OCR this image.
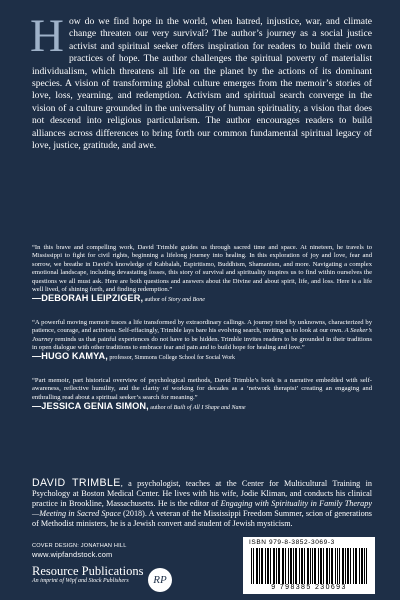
How do we find hope in the world, when hatred, injustice, war, and climate change threaten our very survival? The author’s journey as a social justice activist and spiritual seeker offers inspiration for readers to build their own practices of hope. The author challenges the spiritual poverty of materialist individualism, which threatens all life on the planet by the actions of its dominant species. A vision of transforming global culture emerges from the memoir’s stories of love, loss, yearning, and redemption. Activism and spiritual search converge in the vision of a culture grounded in the universality of human spirituality, a vision that does not descend into religious particularism. The author encourages readers to build alliances across differences to bring forth our common fundamental spiritual legacy of love, justice, gratitude, and awe.

“In this brave and compelling work, David Trimble guides us through sacred time and space. At nineteen, he travels to Mississippi to fight for civil rights, beginning a lifelong journey into healing. In this exploration of joy and love, fear and sorrow, we breathe in David’s knowledge of Kabbalah, Espiritismo, Buddhism, Shamanism, and more. Navigating a complex emotional landscape, including devastating losses, this story of survival and spirituality inspires us to find within ourselves the questions we all must ask. Here are both questions and answers about the Divine and about spirit, life, and loss. Here is a life well lived, of shining forth, and finding redemption.”

—DEBORAH LEIPZIGER, author of Story and Bone

“A powerful moving memoir traces a life transformed by extraordinary callings. A journey tried by unknowns, characterized by patience, courage, and activism. Self-effacingly, Trimble lays bare his evolving search, inviting us to look at our own. A Seeker’s Journey reminds us that painful experiences do not have to be hidden. Trimble invites readers to be grounded in their traditions in open dialogue with other traditions to embrace fear and pain and to build hope for healing and love.”

—HUGO KAMYA, professor, Simmons College School for Social Work

“Part memoir, part historical overview of psychological methods, David Trimble’s book is a narrative embedded with self-awareness, reflective humility, and the clarity of working for decades as a ‘network therapist’ creating an engaging and enthralling read about a spiritual seeker’s search for meaning.”

—JESSICA GENIA SIMON, author of Built of All I Shape and Name

DAVID TRIMBLE, a psychologist, teaches at the Center for Multicultural Training in Psychology at Boston Medical Center. He lives with his wife, Jodie Kliman, and conducts his clinical practice in Brookline, Massachusetts. He is the editor of Engaging with Spirituality in Family Therapy—Meeting in Sacred Space (2018). A veteran of the Mississippi Freedom Summer, scion of generations of Methodist ministers, he is a Jewish convert and student of Jewish mysticism.

COVER DESIGN: JONATHAN HILL

www.wipfandstock.com

Resource Publications

An imprint of Wipf and Stock Publishers	RP

ISBN 979-8-3852-3069-3

9 798385 230693
